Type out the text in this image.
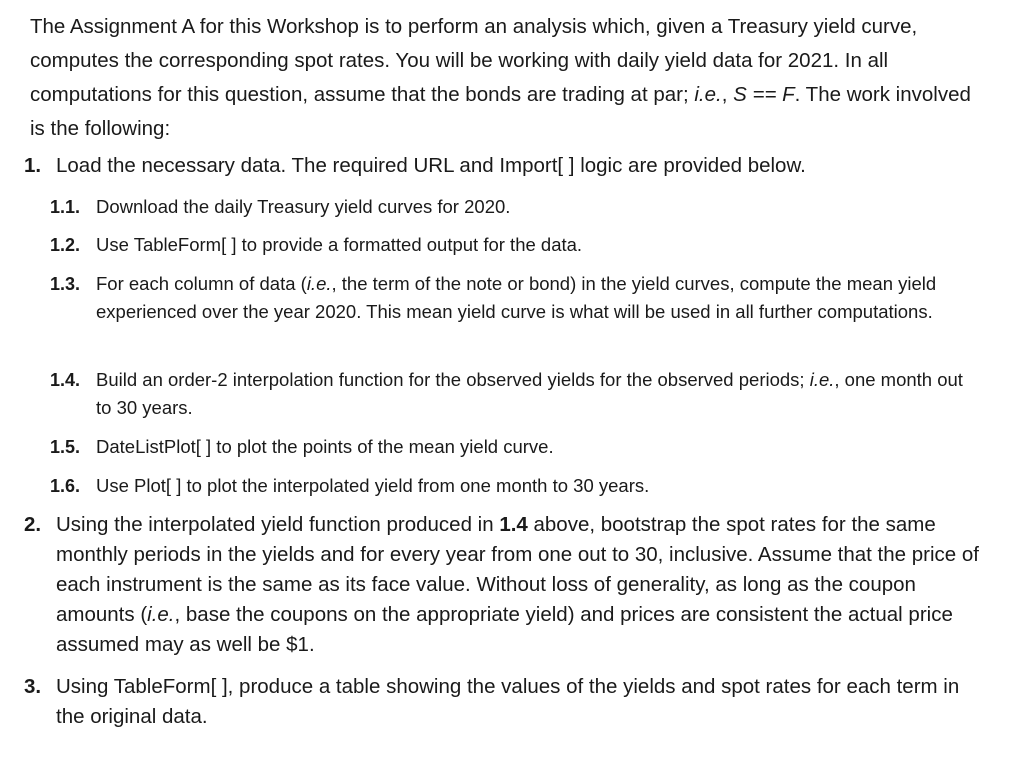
The Assignment A for this Workshop is to perform an analysis which, given a Treasury yield curve, computes the corresponding spot rates. You will be working with daily yield data for 2021. In all computations for this question, assume that the bonds are trading at par; i.e., S == F. The work involved is the following:
1. Load the necessary data. The required URL and Import[ ] logic are provided below.
1.1. Download the daily Treasury yield curves for 2020.
1.2. Use TableForm[ ] to provide a formatted output for the data.
1.3. For each column of data (i.e., the term of the note or bond) in the yield curves, compute the mean yield experienced over the year 2020. This mean yield curve is what will be used in all further computations.
1.4. Build an order-2 interpolation function for the observed yields for the observed periods; i.e., one month out to 30 years.
1.5. DateListPlot[ ] to plot the points of the mean yield curve.
1.6. Use Plot[ ] to plot the interpolated yield from one month to 30 years.
2. Using the interpolated yield function produced in 1.4 above, bootstrap the spot rates for the same monthly periods in the yields and for every year from one out to 30, inclusive. Assume that the price of each instrument is the same as its face value. Without loss of generality, as long as the coupon amounts (i.e., base the coupons on the appropriate yield) and prices are consistent the actual price assumed may as well be $1.
3. Using TableForm[ ], produce a table showing the values of the yields and spot rates for each term in the original data.
